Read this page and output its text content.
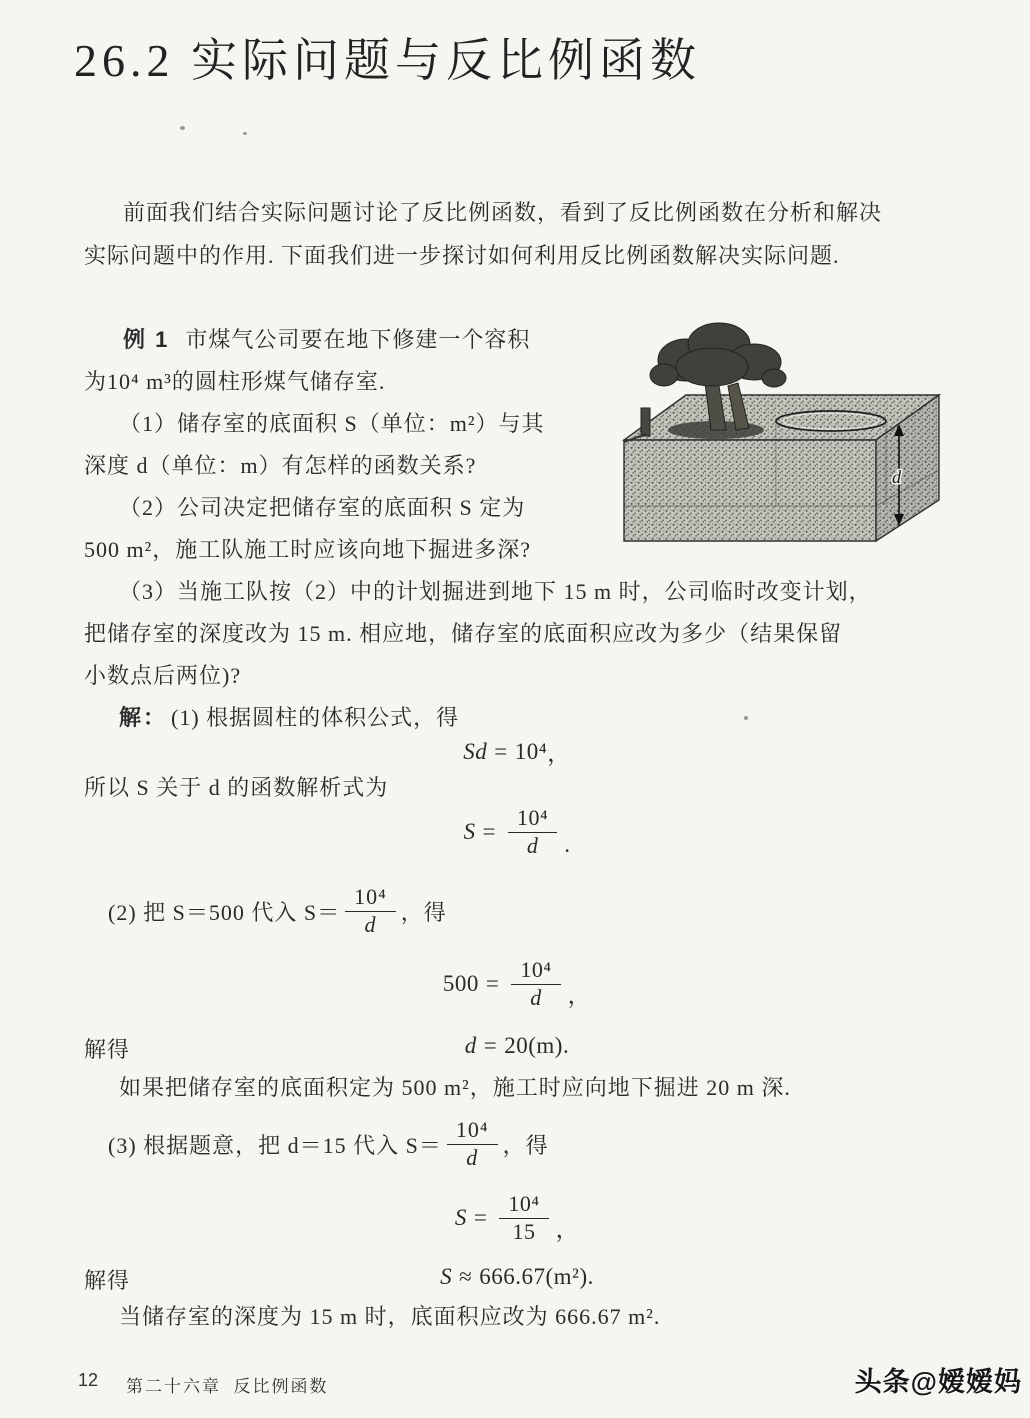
26.2 实际问题与反比例函数
前面我们结合实际问题讨论了反比例函数，看到了反比例函数在分析和解决
实际问题中的作用. 下面我们进一步探讨如何利用反比例函数解决实际问题.
例 1 市煤气公司要在地下修建一个容积
为10⁴ m³的圆柱形煤气储存室.
（1）储存室的底面积 S（单位：m²）与其
深度 d（单位：m）有怎样的函数关系?
（2）公司决定把储存室的底面积 S 定为
500 m²，施工队施工时应该向地下掘进多深?
（3）当施工队按（2）中的计划掘进到地下 15 m 时，公司临时改变计划，
把储存室的深度改为 15 m. 相应地，储存室的底面积应改为多少（结果保留
小数点后两位)?
d
解： (1) 根据圆柱的体积公式，得
Sd = 10⁴ ，
所以 S 关于 d 的函数解析式为
$S = \frac{\text{10⁴}}{d}$ .
(2) 把 S＝500 代入 $S= \frac{\text{10⁴}}{d}$ ，得
$500 = \frac{\text{10⁴}}{d}$ ，
解得	d = 20(m) .
如果把储存室的底面积定为 500 m²，施工时应向地下掘进 20 m 深.
(3) 根据题意，把 d＝15 代入 $S= \frac{\text{10⁴}}{d}$ ，得
$S = \frac{\text{10⁴}}{15}$ ，
解得	S ≈ 666.67(m²) .
当储存室的深度为 15 m 时，底面积应改为 666.67 m².
12 第二十六章 反比例函数	头条@嫒嫒妈
